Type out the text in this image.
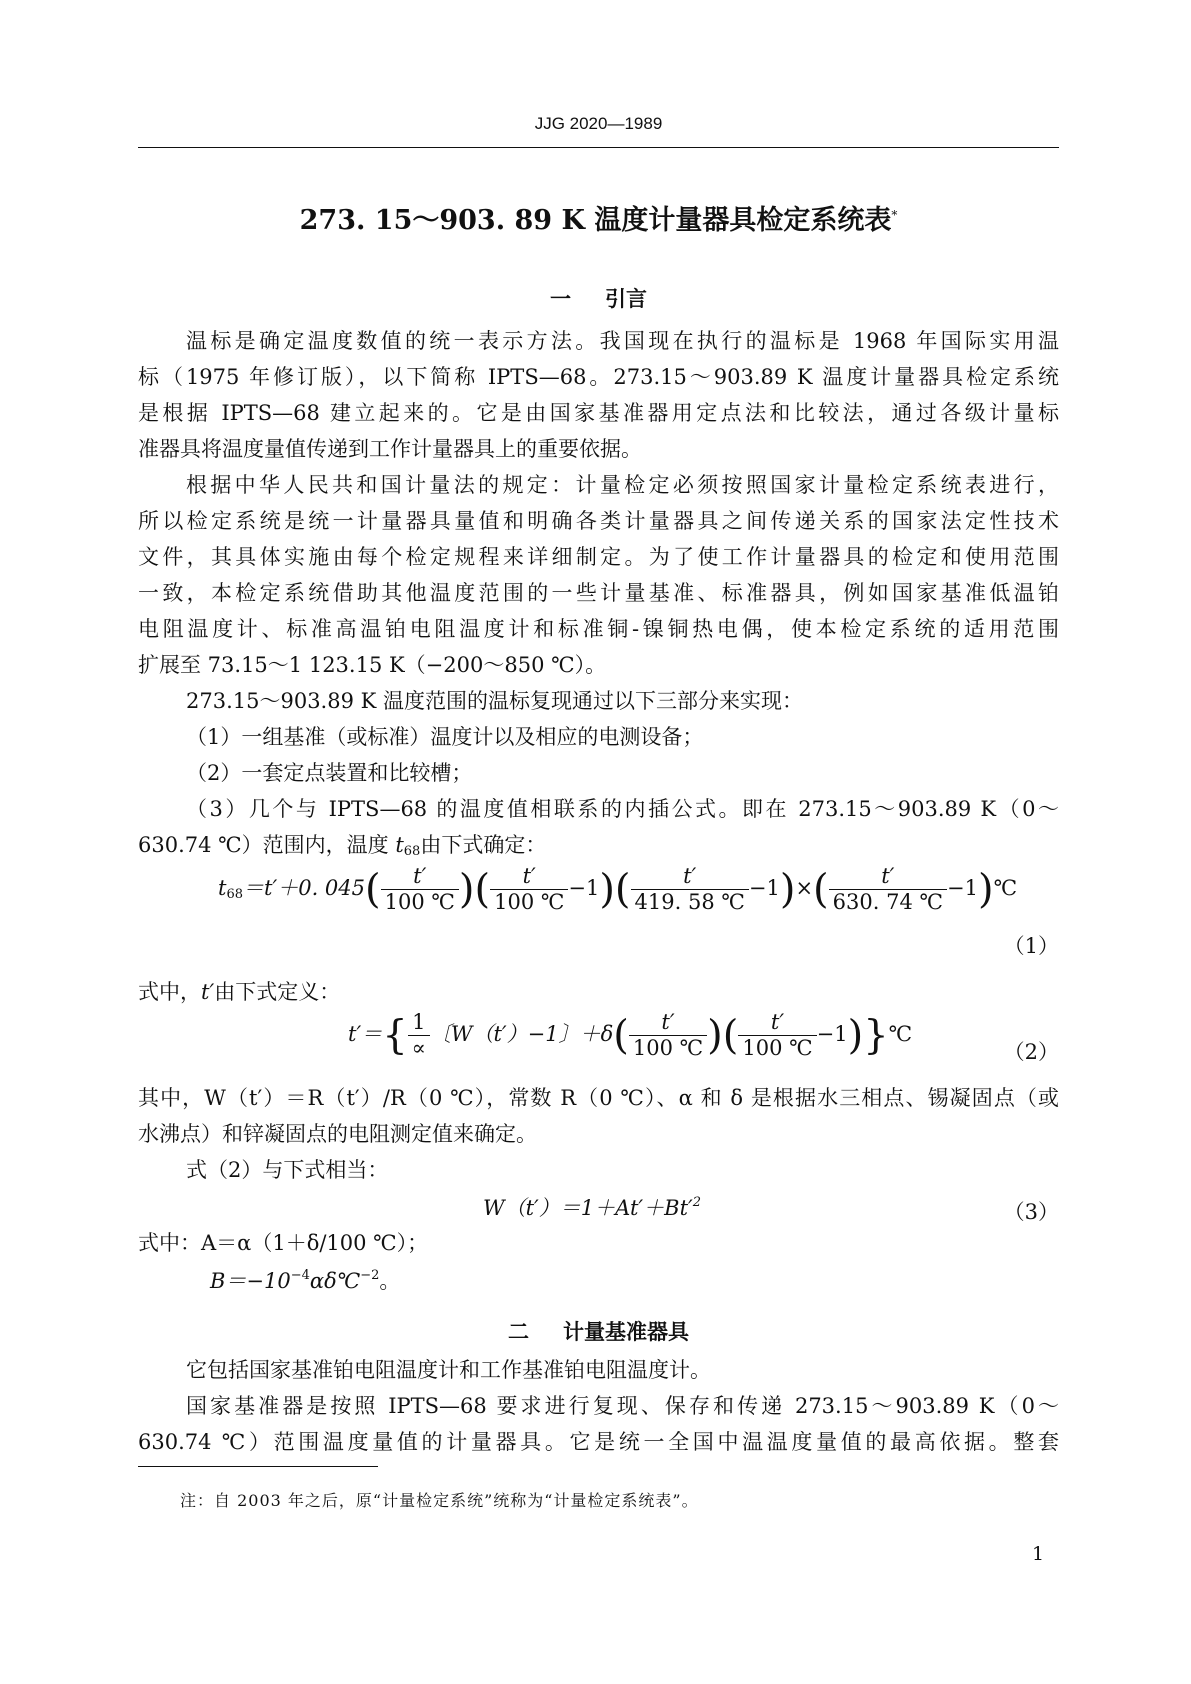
JJG 2020—1989
273. 15～903. 89 K 温度计量器具检定系统表*
一 引言
温标是确定温度数值的统一表示方法。我国现在执行的温标是 1968 年国际实用温
标（1975 年修订版），以下简称 IPTS—68。273.15～903.89 K 温度计量器具检定系统
是根据 IPTS—68 建立起来的。它是由国家基准器用定点法和比较法，通过各级计量标
准器具将温度量值传递到工作计量器具上的重要依据。
根据中华人民共和国计量法的规定：计量检定必须按照国家计量检定系统表进行，
所以检定系统是统一计量器具量值和明确各类计量器具之间传递关系的国家法定性技术
文件，其具体实施由每个检定规程来详细制定。为了使工作计量器具的检定和使用范围
一致，本检定系统借助其他温度范围的一些计量基准、标准器具，例如国家基准低温铂
电阻温度计、标准高温铂电阻温度计和标准铜-镍铜热电偶，使本检定系统的适用范围
扩展至 73.15～1 123.15 K（−200～850 ℃）。
273.15～903.89 K 温度范围的温标复现通过以下三部分来实现：
（1）一组基准（或标准）温度计以及相应的电测设备；
（2）一套定点装置和比较槽；
（3）几个与 IPTS—68 的温度值相联系的内插公式。即在 273.15～903.89 K（0～
630.74 ℃）范围内，温度 $t_{68}$由下式确定：
$t_{68}=t'+0$. $045( \frac{t'}{100 ℃}$ )( $\frac{t'}{100 ℃} -1)( \frac{t'}{419. 58 ℃} -1)\times( \frac{t'}{630. 74 ℃}$ −1)℃
（1）
式中，t′由下式定义：
$t'=\{ \frac{1}{\propto}$ 〔W（t′）−1〕$+\delta( \frac{t'}{100 ℃}$ )( $\frac{t'}{100 ℃}$ −1)}℃
（2）
其中，W（t′）＝R（t′）/R（0 ℃），常数 R（0 ℃）、α 和 δ 是根据水三相点、锡凝固点（或
水沸点）和锌凝固点的电阻测定值来确定。
式（2）与下式相当：
$W(t')=1+At'+Bt'^2$	（3）
式中：A＝α（1＋δ/100 ℃）；
$B=-10^{-4}\alpha\delta℃^{-2}$。
二 计量基准器具
它包括国家基准铂电阻温度计和工作基准铂电阻温度计。
国家基准器是按照 IPTS—68 要求进行复现、保存和传递 273.15～903.89 K（0～
630.74 ℃）范围温度量值的计量器具。它是统一全国中温温度量值的最高依据。整套
注：自 2003 年之后，原“计量检定系统”统称为“计量检定系统表”。
1
